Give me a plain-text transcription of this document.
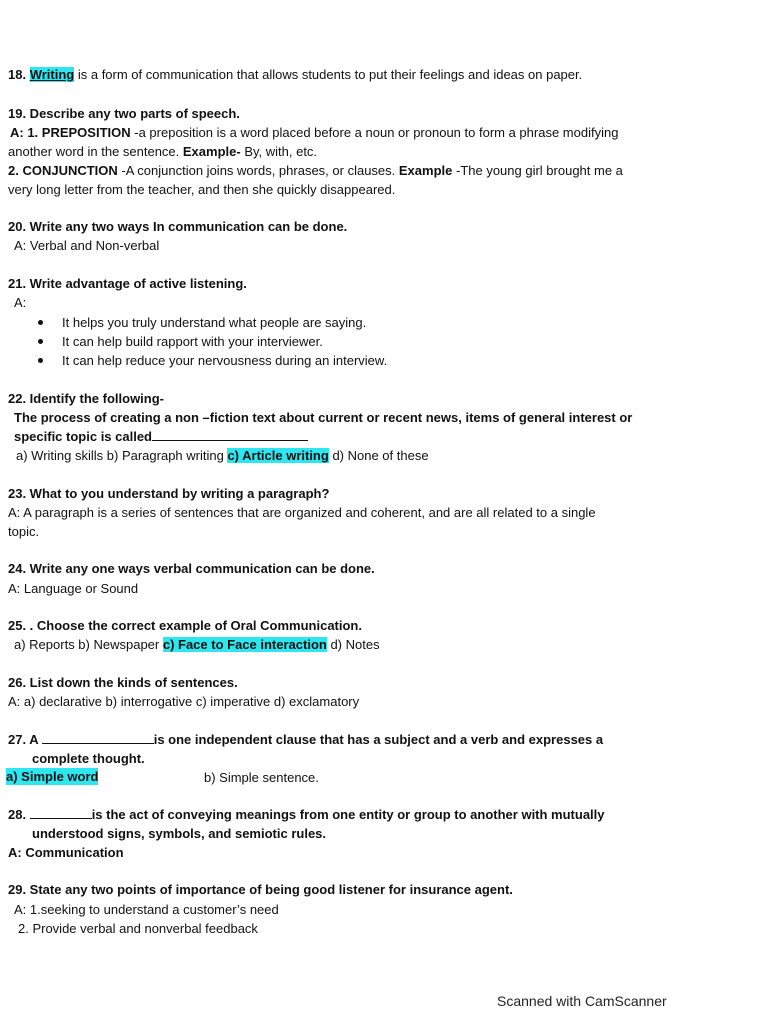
18. Writing is a form of communication that allows students to put their feelings and ideas on paper.
19. Describe any two parts of speech.
A: 1. PREPOSITION -a preposition is a word placed before a noun or pronoun to form a phrase modifying
another word in the sentence. Example- By, with, etc.
2. CONJUNCTION -A conjunction joins words, phrases, or clauses. Example -The young girl brought me a
very long letter from the teacher, and then she quickly disappeared.
20. Write any two ways In communication can be done.
A: Verbal and Non-verbal
21. Write advantage of active listening.
A:
It helps you truly understand what people are saying.
It can help build rapport with your interviewer.
It can help reduce your nervousness during an interview.
22. Identify the following-
The process of creating a non –fiction text about current or recent news, items of general interest or
specific topic is called
a) Writing skills b) Paragraph writing c) Article writing d) None of these
23. What to you understand by writing a paragraph?
A: A paragraph is a series of sentences that are organized and coherent, and are all related to a single
topic.
24. Write any one ways verbal communication can be done.
A: Language or Sound
25. . Choose the correct example of Oral Communication.
a) Reports b) Newspaper c) Face to Face interaction d) Notes
26. List down the kinds of sentences.
A: a) declarative b) interrogative c) imperative d) exclamatory
27. A	is one independent clause that has a subject and a verb and expresses a
complete thought.
a) Simple word	b) Simple sentence.
28.	is the act of conveying meanings from one entity or group to another with mutually
understood signs, symbols, and semiotic rules.
A: Communication
29. State any two points of importance of being good listener for insurance agent.
A: 1.seeking to understand a customer’s need
2. Provide verbal and nonverbal feedback
Scanned with CamScanner
